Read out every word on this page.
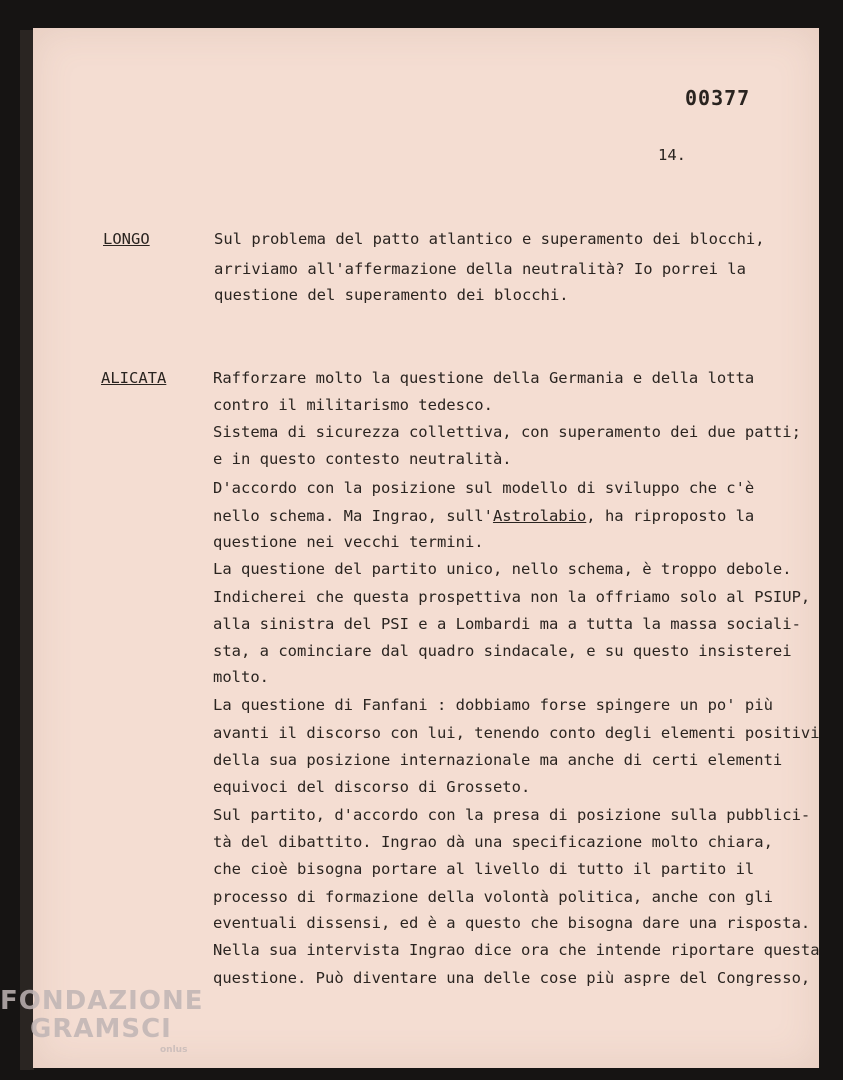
00377
14.
LONGO	Sul problema del patto atlantico e superamento dei blocchi,
arriviamo all'affermazione della neutralità? Io porrei la
questione del superamento dei blocchi.
ALICATA	Rafforzare molto la questione della Germania e della lotta
contro il militarismo tedesco.
Sistema di sicurezza collettiva, con superamento dei due patti;
e in questo contesto neutralità.
D'accordo con la posizione sul modello di sviluppo che c'è
nello schema. Ma Ingrao, sull'Astrolabio, ha riproposto la
questione nei vecchi termini.
La questione del partito unico, nello schema, è troppo debole.
Indicherei che questa prospettiva non la offriamo solo al PSIUP,
alla sinistra del PSI e a Lombardi ma a tutta la massa sociali-
sta, a cominciare dal quadro sindacale, e su questo insisterei
molto.
La questione di Fanfani : dobbiamo forse spingere un po' più
avanti il discorso con lui, tenendo conto degli elementi positivi
della sua posizione internazionale ma anche di certi elementi
equivoci del discorso di Grosseto.
Sul partito, d'accordo con la presa di posizione sulla pubblici-
tà del dibattito. Ingrao dà una specificazione molto chiara,
che cioè bisogna portare al livello di tutto il partito il
processo di formazione della volontà politica, anche con gli
eventuali dissensi, ed è a questo che bisogna dare una risposta.
Nella sua intervista Ingrao dice ora che intende riportare questa
questione. Può diventare una delle cose più aspre del Congresso,
FONDAZIONE
GRAMSCI
onlus
